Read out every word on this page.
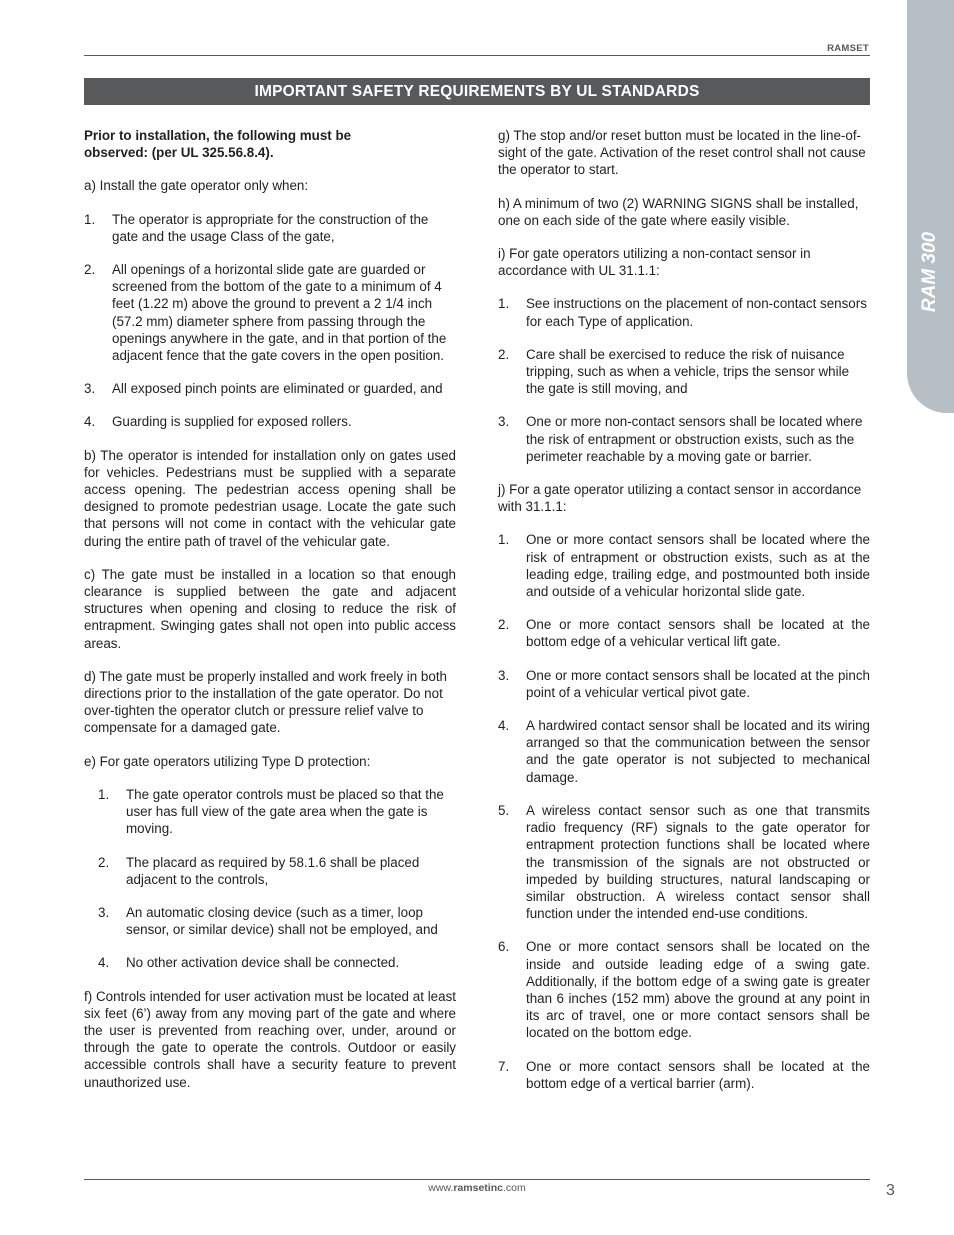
RAMSET
RAM 300
IMPORTANT SAFETY REQUIREMENTS BY UL STANDARDS

Prior to installation, the following must be
observed: (per UL 325.56.8.4).

a) Install the gate operator only when:

1. The operator is appropriate for the construction of the gate and the usage Class of the gate,
2. All openings of a horizontal slide gate are guarded or screened from the bottom of the gate to a minimum of 4 feet (1.22 m) above the ground to prevent a 2 1/4 inch (57.2 mm) diameter sphere from passing through the openings anywhere in the gate, and in that portion of the adjacent fence that the gate covers in the open position.
3. All exposed pinch points are eliminated or guarded, and
4. Guarding is supplied for exposed rollers.

b) The operator is intended for installation only on gates used for vehicles. Pedestrians must be supplied with a separate access opening. The pedestrian access opening shall be designed to promote pedestrian usage. Locate the gate such that persons will not come in contact with the vehicular gate during the entire path of travel of the vehicular gate.

c) The gate must be installed in a location so that enough clearance is supplied between the gate and adjacent structures when opening and closing to reduce the risk of entrapment. Swinging gates shall not open into public access areas.

d) The gate must be properly installed and work freely in both directions prior to the installation of the gate operator. Do not over-tighten the operator clutch or pressure relief valve to compensate for a damaged gate.

e) For gate operators utilizing Type D protection:

1. The gate operator controls must be placed so that the user has full view of the gate area when the gate is moving.
2. The placard as required by 58.1.6 shall be placed adjacent to the controls,
3. An automatic closing device (such as a timer, loop sensor, or similar device) shall not be employed, and
4. No other activation device shall be connected.

f) Controls intended for user activation must be located at least six feet (6’) away from any moving part of the gate and where the user is prevented from reaching over, under, around or through the gate to operate the controls. Outdoor or easily accessible controls shall have a security feature to prevent unauthorized use.

g) The stop and/or reset button must be located in the line-of-sight of the gate. Activation of the reset control shall not cause the operator to start.

h) A minimum of two (2) WARNING SIGNS shall be installed, one on each side of the gate where easily visible.

i) For gate operators utilizing a non-contact sensor in accordance with UL 31.1.1:

1. See instructions on the placement of non-contact sensors for each Type of application.
2. Care shall be exercised to reduce the risk of nuisance tripping, such as when a vehicle, trips the sensor while the gate is still moving, and
3. One or more non-contact sensors shall be located where the risk of entrapment or obstruction exists, such as the perimeter reachable by a moving gate or barrier.

j) For a gate operator utilizing a contact sensor in accordance with 31.1.1:

1. One or more contact sensors shall be located where the risk of entrapment or obstruction exists, such as at the leading edge, trailing edge, and postmounted both inside and outside of a vehicular horizontal slide gate.
2. One or more contact sensors shall be located at the bottom edge of a vehicular vertical lift gate.
3. One or more contact sensors shall be located at the pinch point of a vehicular vertical pivot gate.
4. A hardwired contact sensor shall be located and its wiring arranged so that the communication between the sensor and the gate operator is not subjected to mechanical damage.
5. A wireless contact sensor such as one that transmits radio frequency (RF) signals to the gate operator for entrapment protection functions shall be located where the transmission of the signals are not obstructed or impeded by building structures, natural landscaping or similar obstruction. A wireless contact sensor shall function under the intended end-use conditions.
6. One or more contact sensors shall be located on the inside and outside leading edge of a swing gate. Additionally, if the bottom edge of a swing gate is greater than 6 inches (152 mm) above the ground at any point in its arc of travel, one or more contact sensors shall be located on the bottom edge.
7. One or more contact sensors shall be located at the bottom edge of a vertical barrier (arm).
www.ramsetinc.com	3
